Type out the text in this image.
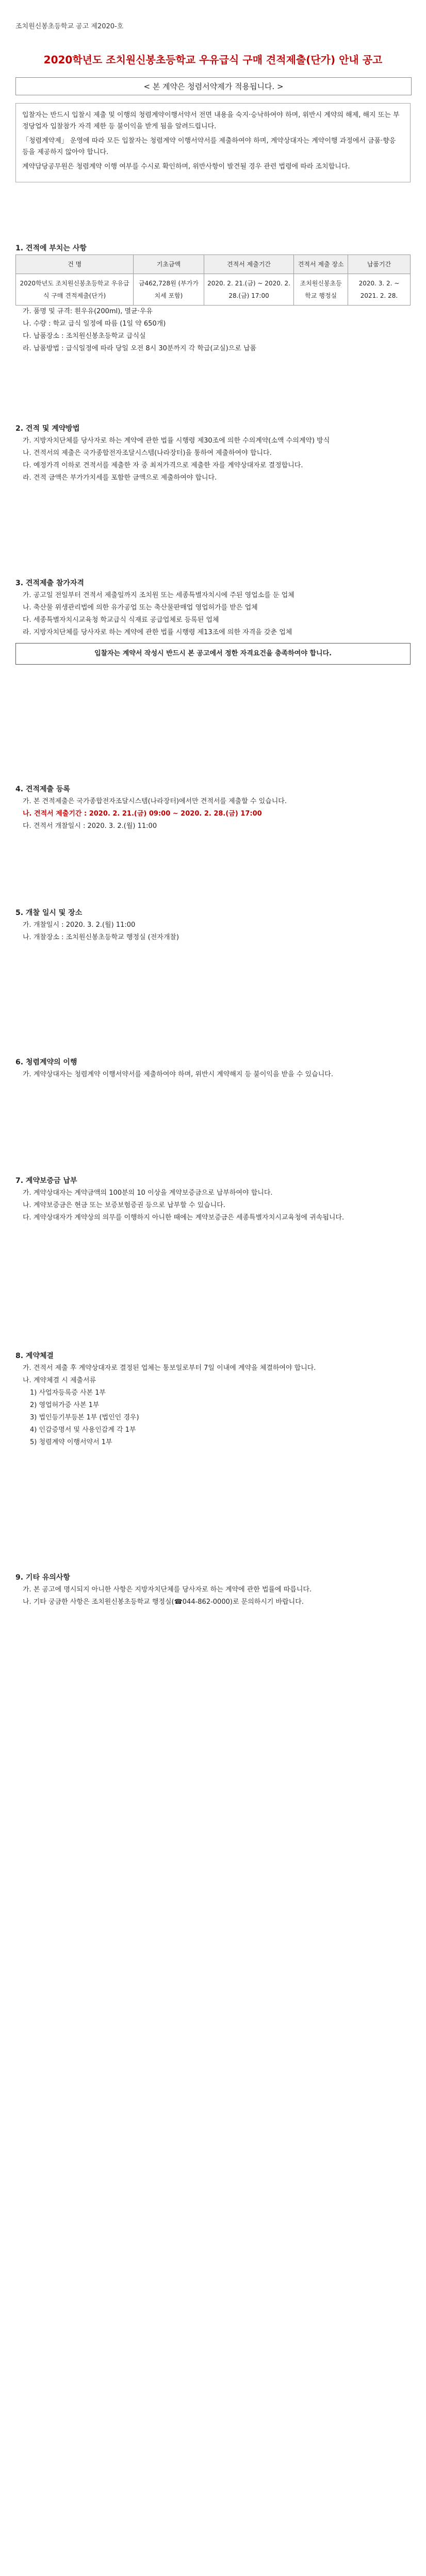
조치원신봉초등학교 공고 제2020-호
2020학년도 조치원신봉초등학교 우유급식 구매 견적제출(단가) 안내 공고
< 본 계약은 청렴서약제가 적용됩니다. >

입찰자는 반드시 입찰시 제출 및 이행의 청렴계약이행서약서 전면 내용을 숙지·승낙하여야 하며, 위반시 계약의 해제, 해지 또는 부정당업자 입찰참가 자격 제한 등 불이익을 받게 됨을 알려드립니다.

「청렴계약제」 운영에 따라 모든 입찰자는 청렴계약 이행서약서를 제출하여야 하며, 계약상대자는 계약이행 과정에서 금품·향응 등을 제공하지 않아야 합니다.

계약담당공무원은 청렴계약 이행 여부를 수시로 확인하며, 위반사항이 발견될 경우 관련 법령에 따라 조치합니다.

1. 견적에 부치는 사항
건 명	기초금액	견적서 제출기간	견적서 제출 장소	납품기간
2020학년도 조치원신봉초등학교 우유급식 구매 견적제출(단가)	금462,728원 (부가가치세 포함)	2020. 2. 21.(금) ~ 2020. 2. 28.(금) 17:00	조치원신봉초등학교 행정실	2020. 3. 2. ~ 2021. 2. 28.

가. 품명 및 규격: 흰우유(200ml), 멸균·우유

나. 수량 : 학교 급식 일정에 따름 (1일 약 650개)

다. 납품장소 : 조치원신봉초등학교 급식실

라. 납품방법 : 급식일정에 따라 당일 오전 8시 30분까지 각 학급(교실)으로 납품

2. 견적 및 계약방법

가. 지방자치단체를 당사자로 하는 계약에 관한 법률 시행령 제30조에 의한 수의계약(소액 수의계약) 방식

나. 견적서의 제출은 국가종합전자조달시스템(나라장터)을 통하여 제출하여야 합니다.

다. 예정가격 이하로 견적서를 제출한 자 중 최저가격으로 제출한 자를 계약상대자로 결정합니다.

라. 견적 금액은 부가가치세를 포함한 금액으로 제출하여야 합니다.

3. 견적제출 참가자격

가. 공고일 전일부터 견적서 제출일까지 조치원 또는 세종특별자치시에 주된 영업소를 둔 업체

나. 축산물 위생관리법에 의한 유가공업 또는 축산물판매업 영업허가를 받은 업체

다. 세종특별자치시교육청 학교급식 식재료 공급업체로 등록된 업체

라. 지방자치단체를 당사자로 하는 계약에 관한 법률 시행령 제13조에 의한 자격을 갖춘 업체

입찰자는 계약서 작성시 반드시 본 공고에서 정한 자격요건을 충족하여야 합니다.
4. 견적제출 등록

가. 본 견적제출은 국가종합전자조달시스템(나라장터)에서만 견적서를 제출할 수 있습니다.

나. 견적서 제출기간 : 2020. 2. 21.(금) 09:00 ~ 2020. 2. 28.(금) 17:00

다. 견적서 개찰일시 : 2020. 3. 2.(월) 11:00

5. 개찰 일시 및 장소

가. 개찰일시 : 2020. 3. 2.(월) 11:00

나. 개찰장소 : 조치원신봉초등학교 행정실 (전자개찰)

6. 청렴계약의 이행

가. 계약상대자는 청렴계약 이행서약서를 제출하여야 하며, 위반시 계약해지 등 불이익을 받을 수 있습니다.

7. 계약보증금 납부

가. 계약상대자는 계약금액의 100분의 10 이상을 계약보증금으로 납부하여야 합니다.

나. 계약보증금은 현금 또는 보증보험증권 등으로 납부할 수 있습니다.

다. 계약상대자가 계약상의 의무를 이행하지 아니한 때에는 계약보증금은 세종특별자치시교육청에 귀속됩니다.

8. 계약체결

가. 견적서 제출 후 계약상대자로 결정된 업체는 통보일로부터 7일 이내에 계약을 체결하여야 합니다.

나. 계약체결 시 제출서류

1) 사업자등록증 사본 1부

2) 영업허가증 사본 1부

3) 법인등기부등본 1부 (법인인 경우)

4) 인감증명서 및 사용인감계 각 1부

5) 청렴계약 이행서약서 1부

9. 기타 유의사항

가. 본 공고에 명시되지 아니한 사항은 지방자치단체를 당사자로 하는 계약에 관한 법률에 따릅니다.

나. 기타 궁금한 사항은 조치원신봉초등학교 행정실(☎044-862-0000)로 문의하시기 바랍니다.
